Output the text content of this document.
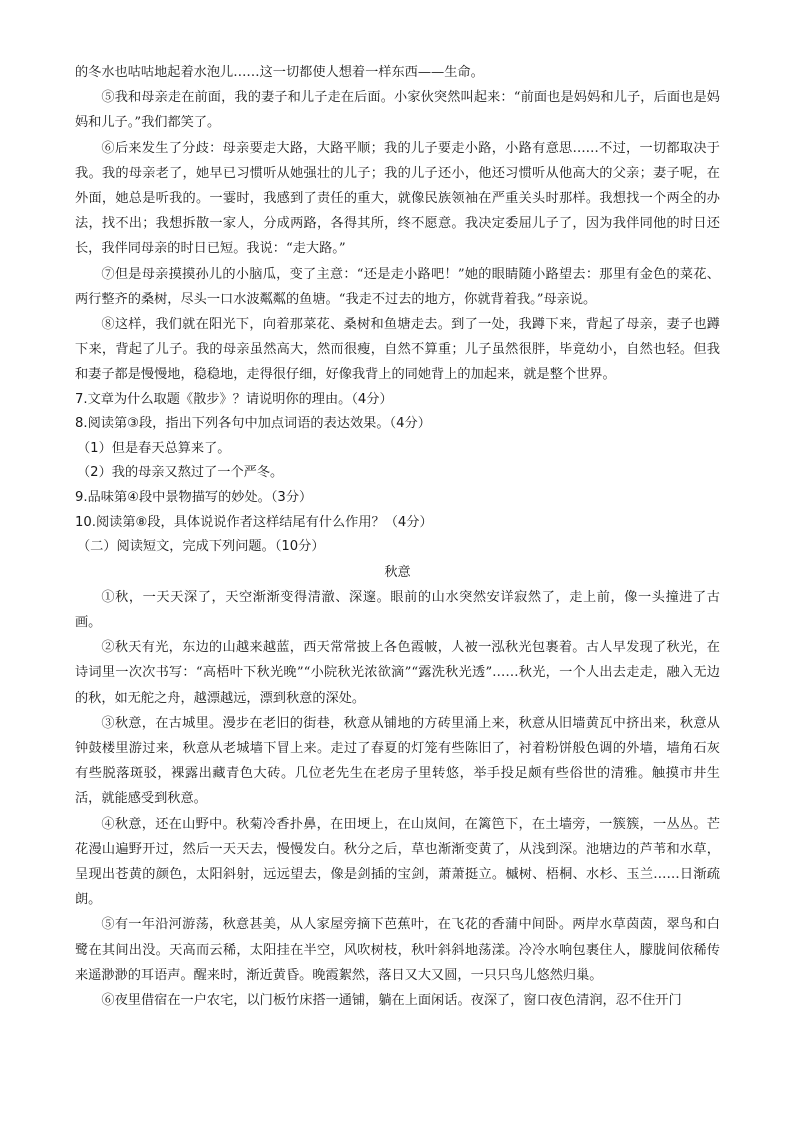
的冬水也咕咕地起着水泡儿……这一切都使人想着一样东西——生命。

⑤我和母亲走在前面，我的妻子和儿子走在后面。小家伙突然叫起来：“前面也是妈妈和儿子，后面也是妈妈和儿子。”我们都笑了。

⑥后来发生了分歧：母亲要走大路，大路平顺；我的儿子要走小路，小路有意思……不过，一切都取决于我。我的母亲老了，她早已习惯听从她强壮的儿子；我的儿子还小，他还习惯听从他高大的父亲；妻子呢，在外面，她总是听我的。一霎时，我感到了责任的重大，就像民族领袖在严重关头时那样。我想找一个两全的办法，找不出；我想拆散一家人，分成两路，各得其所，终不愿意。我决定委屈儿子了，因为我伴同他的时日还长，我伴同母亲的时日已短。我说：“走大路。”

⑦但是母亲摸摸孙儿的小脑瓜，变了主意：“还是走小路吧！”她的眼睛随小路望去：那里有金色的菜花、两行整齐的桑树，尽头一口水波粼粼的鱼塘。“我走不过去的地方，你就背着我。”母亲说。

⑧这样，我们就在阳光下，向着那菜花、桑树和鱼塘走去。到了一处，我蹲下来，背起了母亲，妻子也蹲下来，背起了儿子。我的母亲虽然高大，然而很瘦，自然不算重；儿子虽然很胖，毕竟幼小，自然也轻。但我和妻子都是慢慢地，稳稳地，走得很仔细，好像我背上的同她背上的加起来，就是整个世界。

7.文章为什么取题《散步》？请说明你的理由。（4分）

8.阅读第③段，指出下列各句中加点词语的表达效果。（4分）

（1）但是春天总算来了。

（2）我的母亲又熬过了一个严冬。

9.品味第④段中景物描写的妙处。（3分）

10.阅读第⑧段，具体说说作者这样结尾有什么作用？（4分）

（二）阅读短文，完成下列问题。（10分）

秋意

①秋，一天天深了，天空渐渐变得清澈、深邃。眼前的山水突然安详寂然了，走上前，像一头撞进了古画。

②秋天有光，东边的山越来越蓝，西天常常披上各色霞帔，人被一泓秋光包裹着。古人早发现了秋光，在诗词里一次次书写：“高梧叶下秋光晚”“小院秋光浓欲滴”“露洗秋光透”……秋光，一个人出去走走，融入无边的秋，如无舵之舟，越漂越远，漂到秋意的深处。

③秋意，在古城里。漫步在老旧的街巷，秋意从铺地的方砖里涌上来，秋意从旧墙黄瓦中挤出来，秋意从钟鼓楼里游过来，秋意从老城墙下冒上来。走过了春夏的灯笼有些陈旧了，衬着粉饼般色调的外墙，墙角石灰有些脱落斑驳，裸露出藏青色大砖。几位老先生在老房子里转悠，举手投足颇有些俗世的清雅。触摸市井生活，就能感受到秋意。

④秋意，还在山野中。秋菊冷香扑鼻，在田埂上，在山岚间，在篱笆下，在土墙旁，一簇簇，一丛丛。芒花漫山遍野开过，然后一天天去，慢慢发白。秋分之后，草也渐渐变黄了，从浅到深。池塘边的芦苇和水草，呈现出苍黄的颜色，太阳斜射，远远望去，像是剑插的宝剑，萧萧挺立。槭树、梧桐、水杉、玉兰……日渐疏朗。

⑤有一年沿河游荡，秋意甚美，从人家屋旁摘下芭蕉叶，在飞花的香蒲中间卧。两岸水草茵茵，翠鸟和白鹭在其间出没。天高而云稀，太阳挂在半空，风吹树枝，秋叶斜斜地荡漾。冷冷水响包裹住人，朦胧间依稀传来遥渺渺的耳语声。醒来时，渐近黄昏。晚霞絮然，落日又大又圆，一只只鸟儿悠然归巢。

⑥夜里借宿在一户农宅，以门板竹床搭一通铺，躺在上面闲话。夜深了，窗口夜色清润，忍不住开门
